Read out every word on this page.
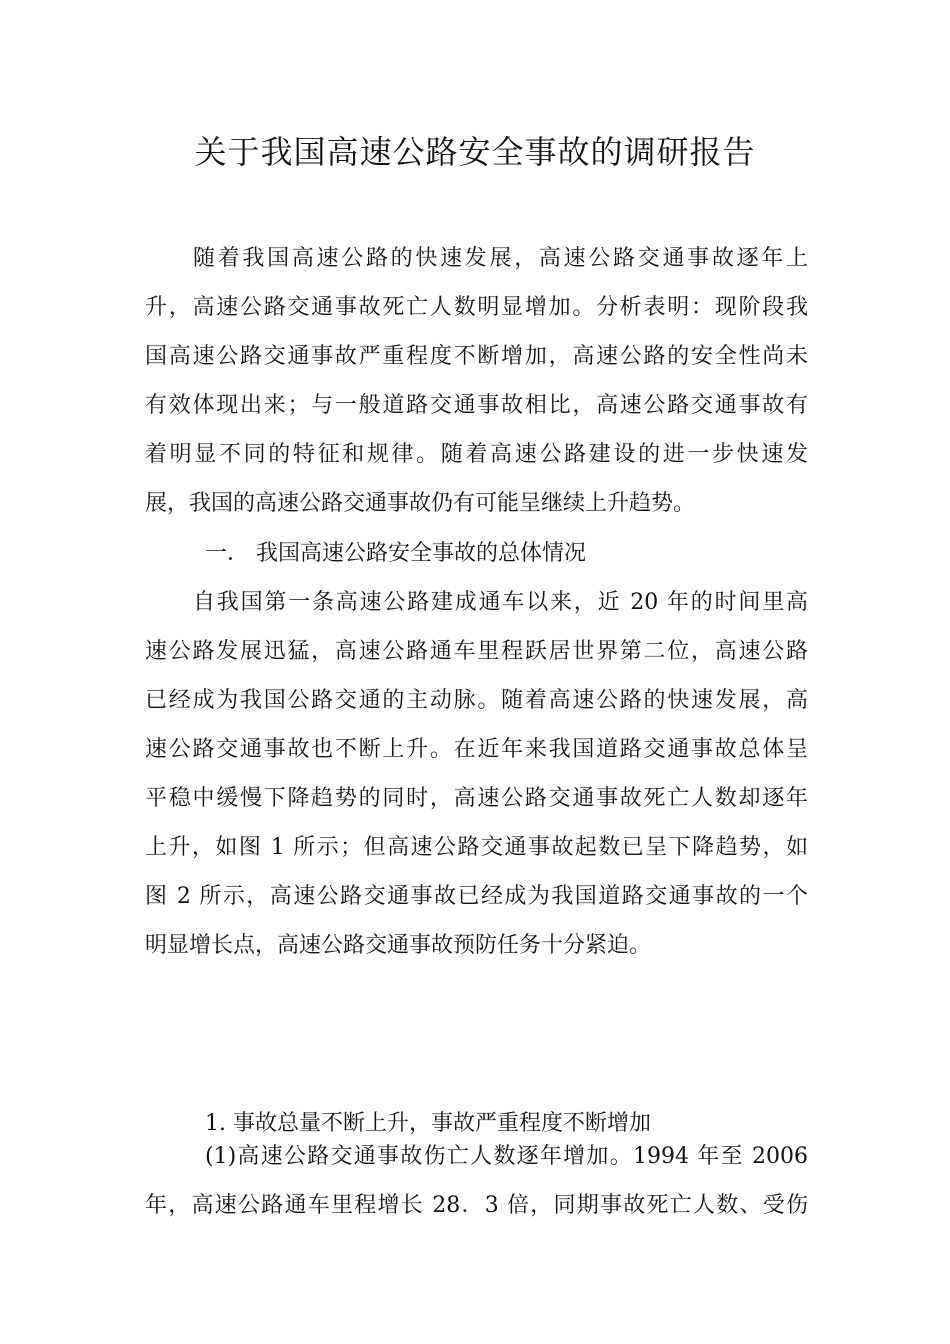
关于我国高速公路安全事故的调研报告
随着我国高速公路的快速发展，高速公路交通事故逐年上
升，高速公路交通事故死亡人数明显增加。分析表明：现阶段我
国高速公路交通事故严重程度不断增加，高速公路的安全性尚未
有效体现出来；与一般道路交通事故相比，高速公路交通事故有
着明显不同的特征和规律。随着高速公路建设的进一步快速发
展，我国的高速公路交通事故仍有可能呈继续上升趋势。
一． 我国高速公路安全事故的总体情况
自我国第一条高速公路建成通车以来，近 20 年的时间里高
速公路发展迅猛，高速公路通车里程跃居世界第二位，高速公路
已经成为我国公路交通的主动脉。随着高速公路的快速发展，高
速公路交通事故也不断上升。在近年来我国道路交通事故总体呈
平稳中缓慢下降趋势的同时，高速公路交通事故死亡人数却逐年
上升，如图 1 所示；但高速公路交通事故起数已呈下降趋势，如
图 2 所示，高速公路交通事故已经成为我国道路交通事故的一个
明显增长点，高速公路交通事故预防任务十分紧迫。
1. 事故总量不断上升，事故严重程度不断增加
(1)高速公路交通事故伤亡人数逐年增加。1994 年至 2006
年，高速公路通车里程增长 28．3 倍，同期事故死亡人数、受伤
